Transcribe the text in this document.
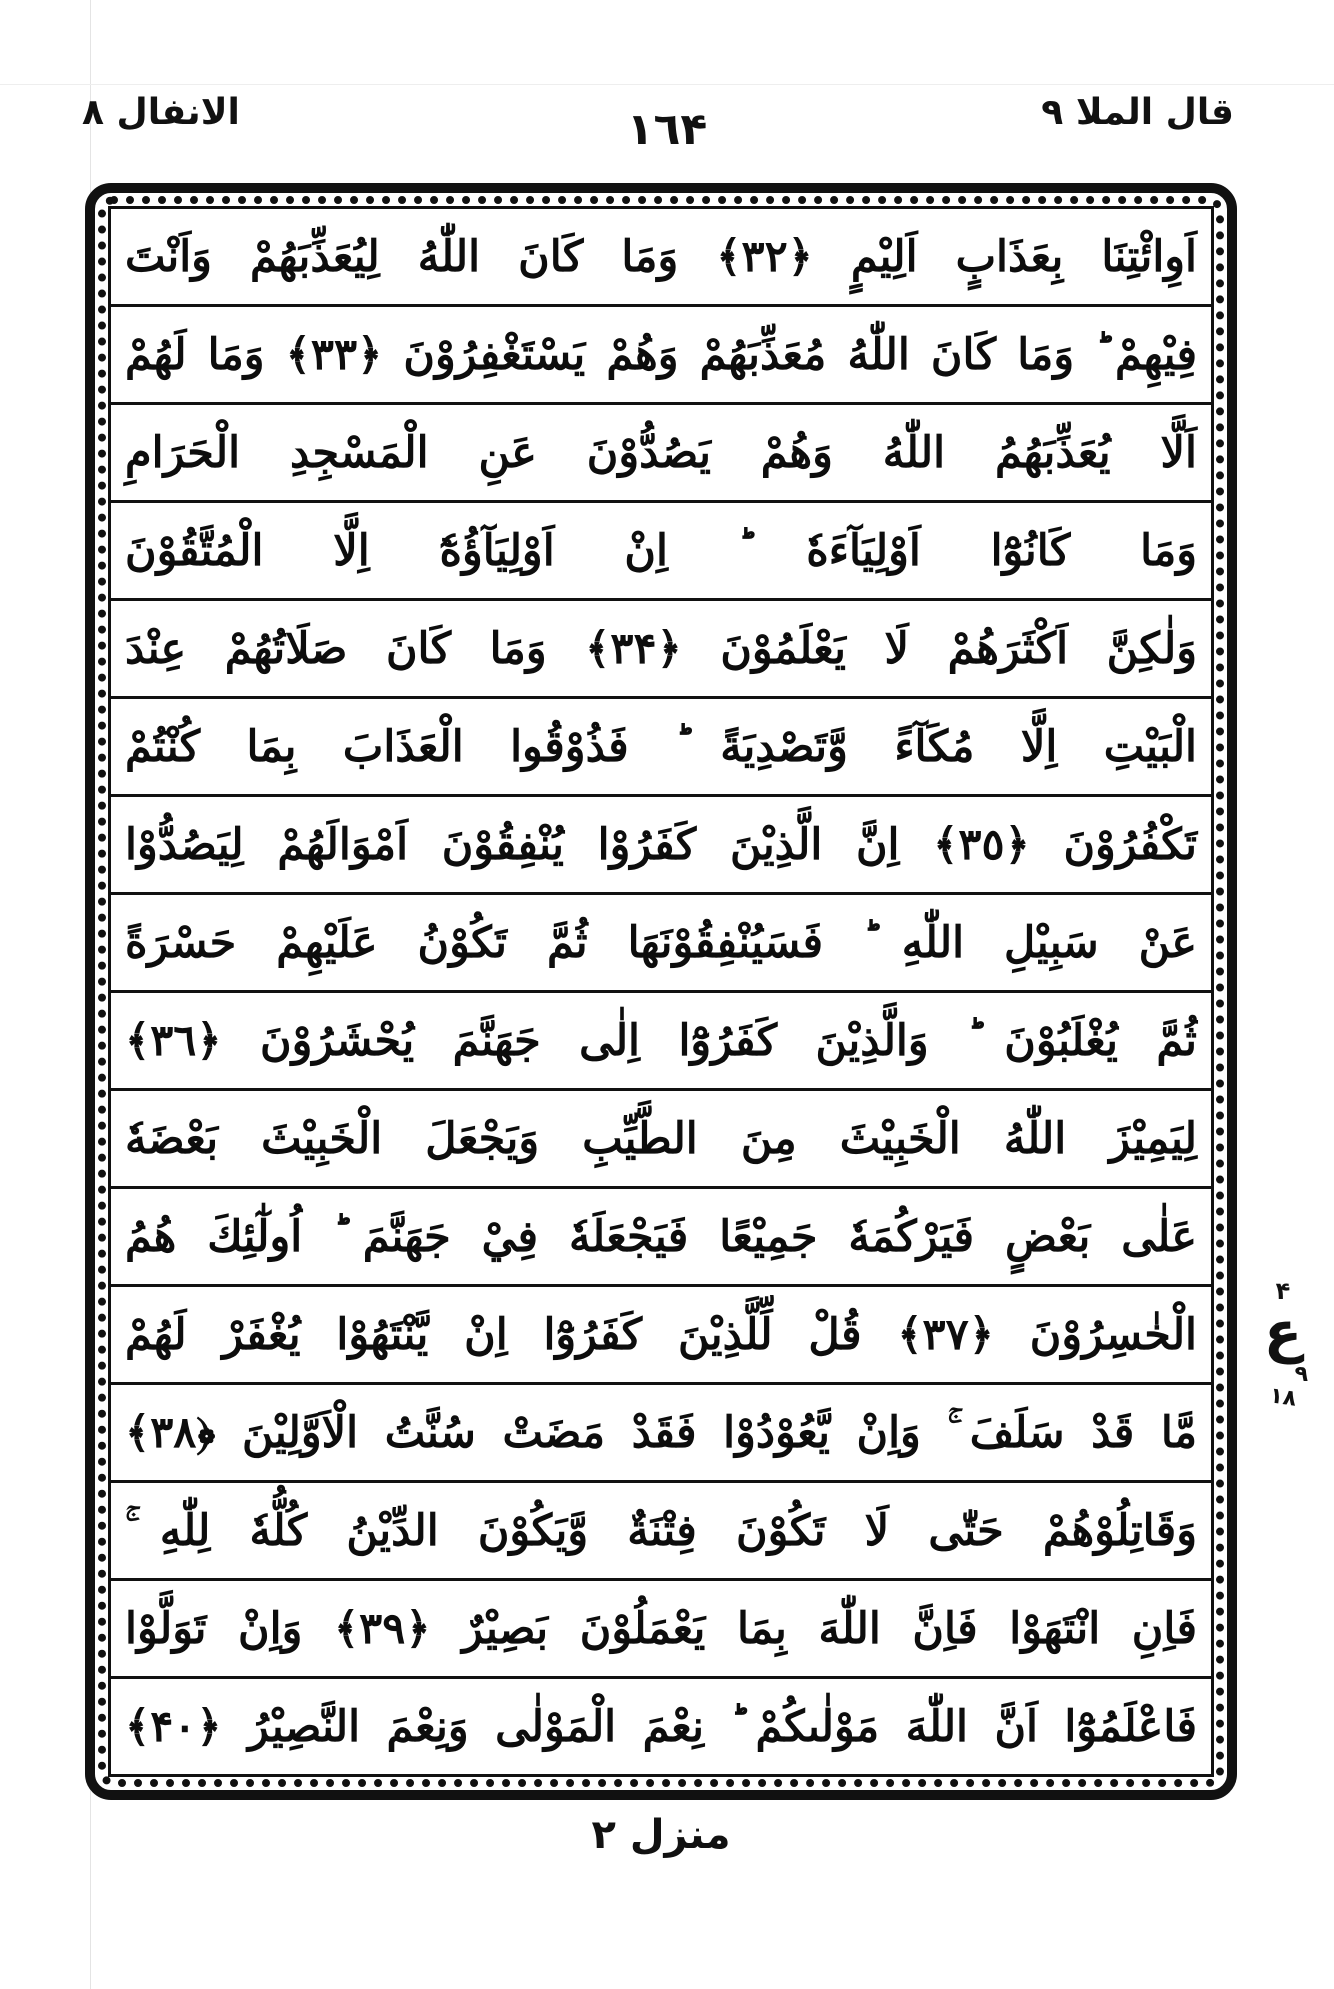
الانفال ٨	١٦۴	قال الملا ٩
اَوِائْتِنَا بِعَذَابٍ اَلِيْمٍ ﴿٣٢﴾ وَمَا كَانَ اللّٰهُ لِيُعَذِّبَهُمْ وَاَنْتَ
فِيْهِمْ ؕ وَمَا كَانَ اللّٰهُ مُعَذِّبَهُمْ وَهُمْ يَسْتَغْفِرُوْنَ ﴿٣٣﴾ وَمَا لَهُمْ
اَلَّا يُعَذِّبَهُمُ اللّٰهُ وَهُمْ يَصُدُّوْنَ عَنِ الْمَسْجِدِ الْحَرَامِ
وَمَا كَانُوْٓا اَوْلِيَآءَهٗ ؕ اِنْ اَوْلِيَآؤُهٗٓ اِلَّا الْمُتَّقُوْنَ
وَلٰكِنَّ اَكْثَرَهُمْ لَا يَعْلَمُوْنَ ﴿٣۴﴾ وَمَا كَانَ صَلَاتُهُمْ عِنْدَ
الْبَيْتِ اِلَّا مُكَآءً وَّتَصْدِيَةً ؕ فَذُوْقُوا الْعَذَابَ بِمَا كُنْتُمْ
تَكْفُرُوْنَ ﴿٣٥﴾ اِنَّ الَّذِيْنَ كَفَرُوْا يُنْفِقُوْنَ اَمْوَالَهُمْ لِيَصُدُّوْا
عَنْ سَبِيْلِ اللّٰهِ ؕ فَسَيُنْفِقُوْنَهَا ثُمَّ تَكُوْنُ عَلَيْهِمْ حَسْرَةً
ثُمَّ يُغْلَبُوْنَ ؕ وَالَّذِيْنَ كَفَرُوْٓا اِلٰى جَهَنَّمَ يُحْشَرُوْنَ ﴿٣٦﴾
لِيَمِيْزَ اللّٰهُ الْخَبِيْثَ مِنَ الطَّيِّبِ وَيَجْعَلَ الْخَبِيْثَ بَعْضَهٗ
عَلٰى بَعْضٍ فَيَرْكُمَهٗ جَمِيْعًا فَيَجْعَلَهٗ فِيْ جَهَنَّمَ ؕ اُولٰٓئِكَ هُمُ
الْخٰسِرُوْنَ ﴿٣٧﴾ قُلْ لِّلَّذِيْنَ كَفَرُوْٓا اِنْ يَّنْتَهُوْا يُغْفَرْ لَهُمْ
مَّا قَدْ سَلَفَ ۚ وَاِنْ يَّعُوْدُوْا فَقَدْ مَضَتْ سُنَّتُ الْاَوَّلِيْنَ ﴿٣٨﴾
وَقَاتِلُوْهُمْ حَتّٰى لَا تَكُوْنَ فِتْنَةٌ وَّيَكُوْنَ الدِّيْنُ كُلُّهٗ لِلّٰهِ ۚ
فَاِنِ انْتَهَوْا فَاِنَّ اللّٰهَ بِمَا يَعْمَلُوْنَ بَصِيْرٌ ﴿٣٩﴾ وَاِنْ تَوَلَّوْا
فَاعْلَمُوْٓا اَنَّ اللّٰهَ مَوْلٰىكُمْ ؕ نِعْمَ الْمَوْلٰى وَنِعْمَ النَّصِيْرُ ﴿۴٠﴾
۴
ع
٩
١٨
منزل ۲
